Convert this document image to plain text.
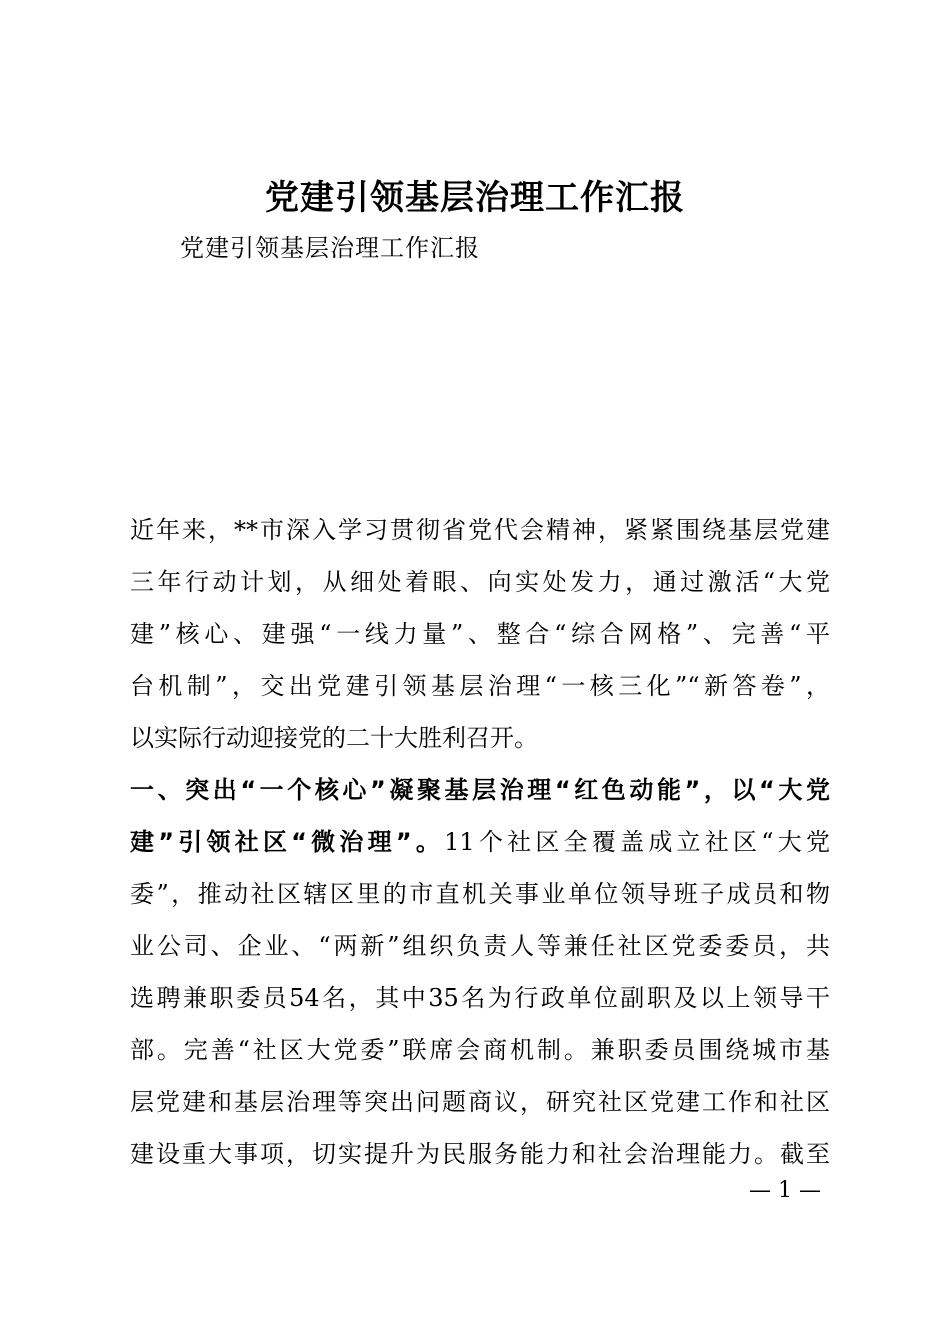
党建引领基层治理工作汇报
党建引领基层治理工作汇报
近年来，**市深入学习贯彻省党代会精神，紧紧围绕基层党建
三年行动计划，从细处着眼、向实处发力，通过激活“大党
建”核心、建强“一线力量”、整合“综合网格”、完善“平
台机制”，交出党建引领基层治理“一核三化”“新答卷”，
以实际行动迎接党的二十大胜利召开。
一、突出“一个核心”凝聚基层治理“红色动能”，以“大党
建”引领社区“微治理”。11个社区全覆盖成立社区“大党
委”，推动社区辖区里的市直机关事业单位领导班子成员和物
业公司、企业、“两新”组织负责人等兼任社区党委委员，共
选聘兼职委员54名，其中35名为行政单位副职及以上领导干
部。完善“社区大党委”联席会商机制。兼职委员围绕城市基
层党建和基层治理等突出问题商议，研究社区党建工作和社区
建设重大事项，切实提升为民服务能力和社会治理能力。截至
— 1 —
